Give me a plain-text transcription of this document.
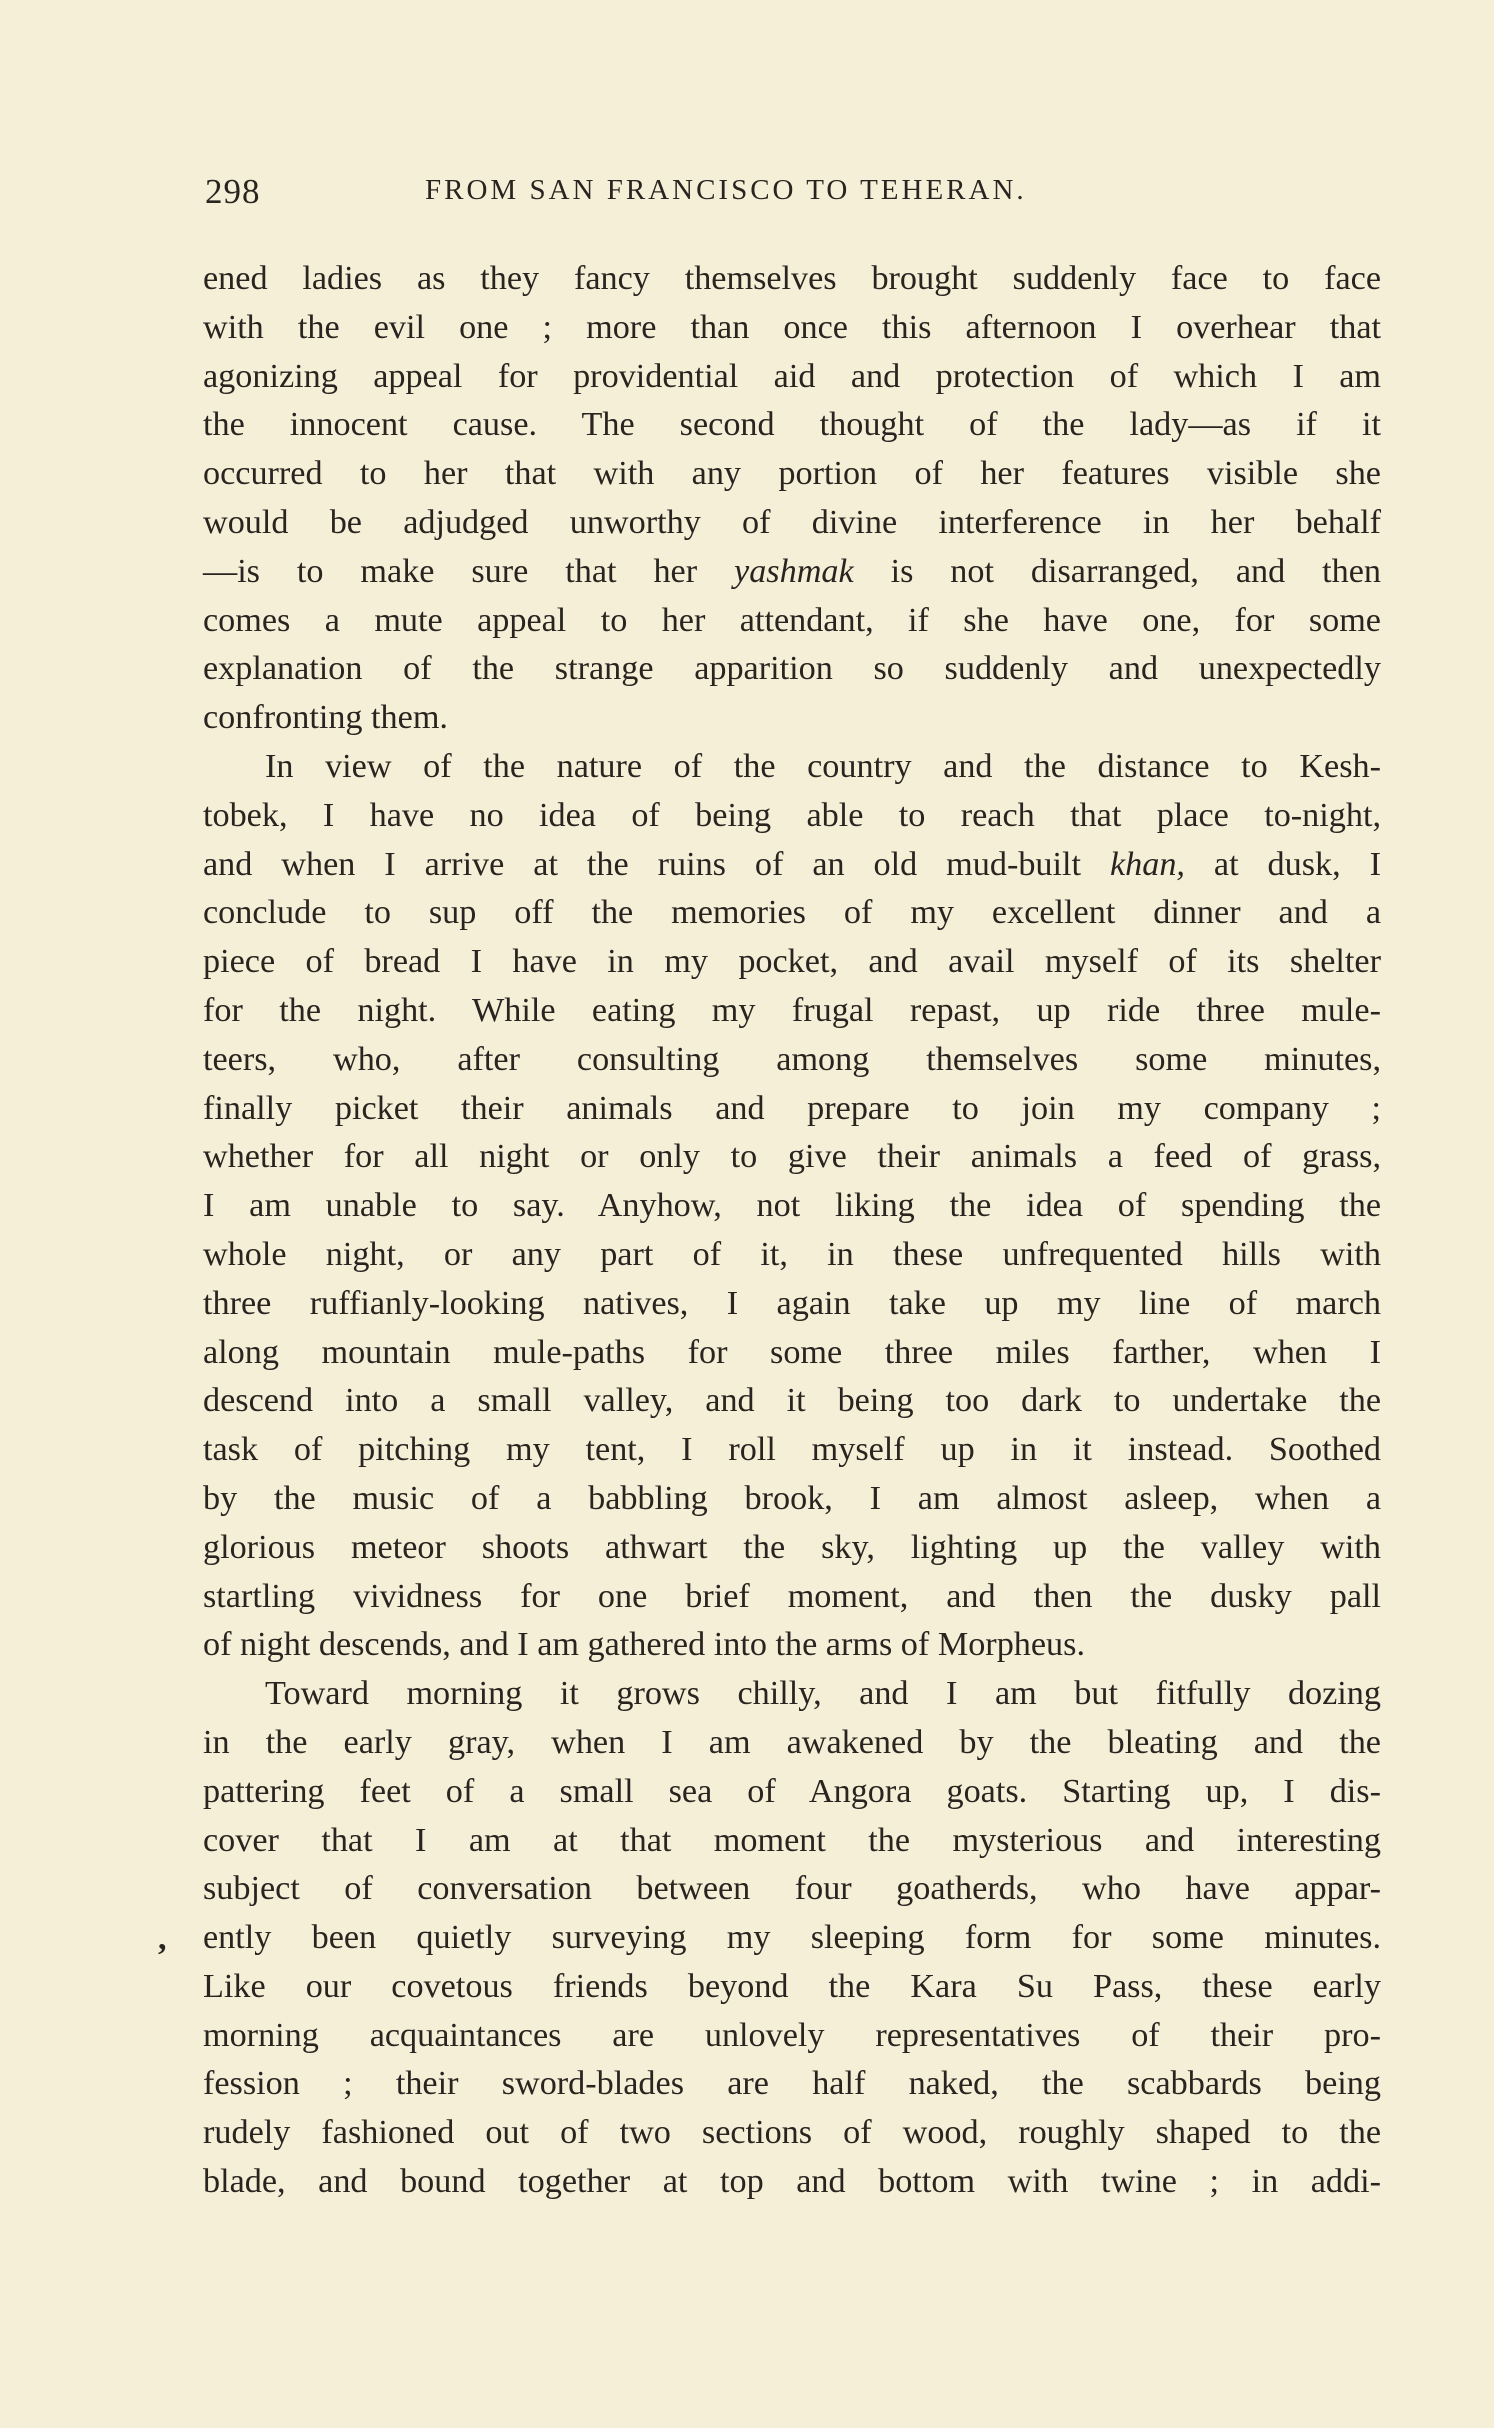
298	FROM SAN FRANCISCO TO TEHERAN.
,
ened ladies as they fancy themselves brought suddenly face to face
with the evil one ; more than once this afternoon I overhear that
agonizing appeal for providential aid and protection of which I am
the innocent cause. The second thought of the lady—as if it
occurred to her that with any portion of her features visible she
would be adjudged unworthy of divine interference in her behalf
—is to make sure that her yashmak is not disarranged, and then
comes a mute appeal to her attendant, if she have one, for some
explanation of the strange apparition so suddenly and unexpectedly
confronting them.
In view of the nature of the country and the distance to Kesh-
tobek, I have no idea of being able to reach that place to-night,
and when I arrive at the ruins of an old mud-built khan, at dusk, I
conclude to sup off the memories of my excellent dinner and a
piece of bread I have in my pocket, and avail myself of its shelter
for the night. While eating my frugal repast, up ride three mule-
teers, who, after consulting among themselves some minutes,
finally picket their animals and prepare to join my company ;
whether for all night or only to give their animals a feed of grass,
I am unable to say. Anyhow, not liking the idea of spending the
whole night, or any part of it, in these unfrequented hills with
three ruffianly-looking natives, I again take up my line of march
along mountain mule-paths for some three miles farther, when I
descend into a small valley, and it being too dark to undertake the
task of pitching my tent, I roll myself up in it instead. Soothed
by the music of a babbling brook, I am almost asleep, when a
glorious meteor shoots athwart the sky, lighting up the valley with
startling vividness for one brief moment, and then the dusky pall
of night descends, and I am gathered into the arms of Morpheus.
Toward morning it grows chilly, and I am but fitfully dozing
in the early gray, when I am awakened by the bleating and the
pattering feet of a small sea of Angora goats. Starting up, I dis-
cover that I am at that moment the mysterious and interesting
subject of conversation between four goatherds, who have appar-
ently been quietly surveying my sleeping form for some minutes.
Like our covetous friends beyond the Kara Su Pass, these early
morning acquaintances are unlovely representatives of their pro-
fession ; their sword-blades are half naked, the scabbards being
rudely fashioned out of two sections of wood, roughly shaped to the
blade, and bound together at top and bottom with twine ; in addi-
